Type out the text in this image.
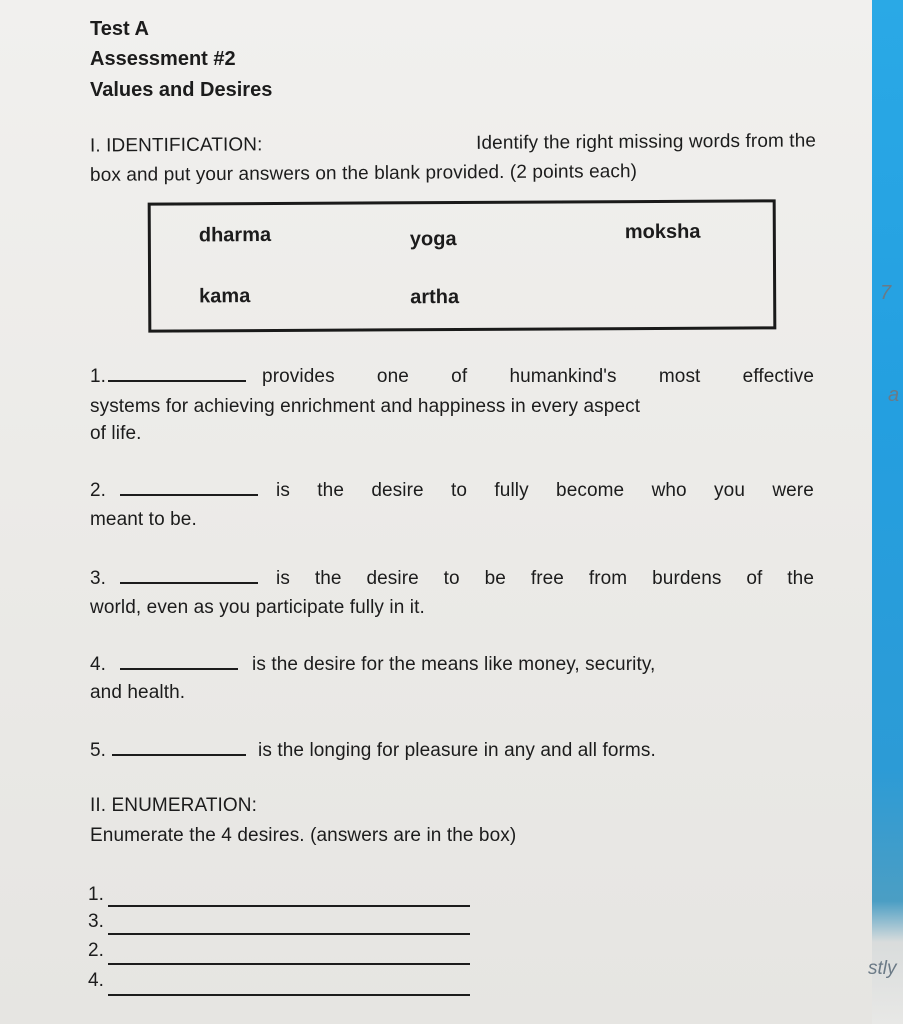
Test A
Assessment #2
Values and Desires
I. IDENTIFICATION:	Identify the right missing words from the
box and put your answers on the blank provided. (2 points each)
dharma	yoga	moksha
kama	artha
1.	provides one of humankind's most effective
systems for achieving enrichment and happiness in every aspect
of life.
2.	is the desire to fully become who you were
meant to be.
3.	is the desire to be free from burdens of the
world, even as you participate fully in it.
4.	is the desire for the means like money, security,
and health.
5.	is the longing for pleasure in any and all forms.
II. ENUMERATION:
Enumerate the 4 desires. (answers are in the box)
1.
3.
2.
4.
7
a
stly
